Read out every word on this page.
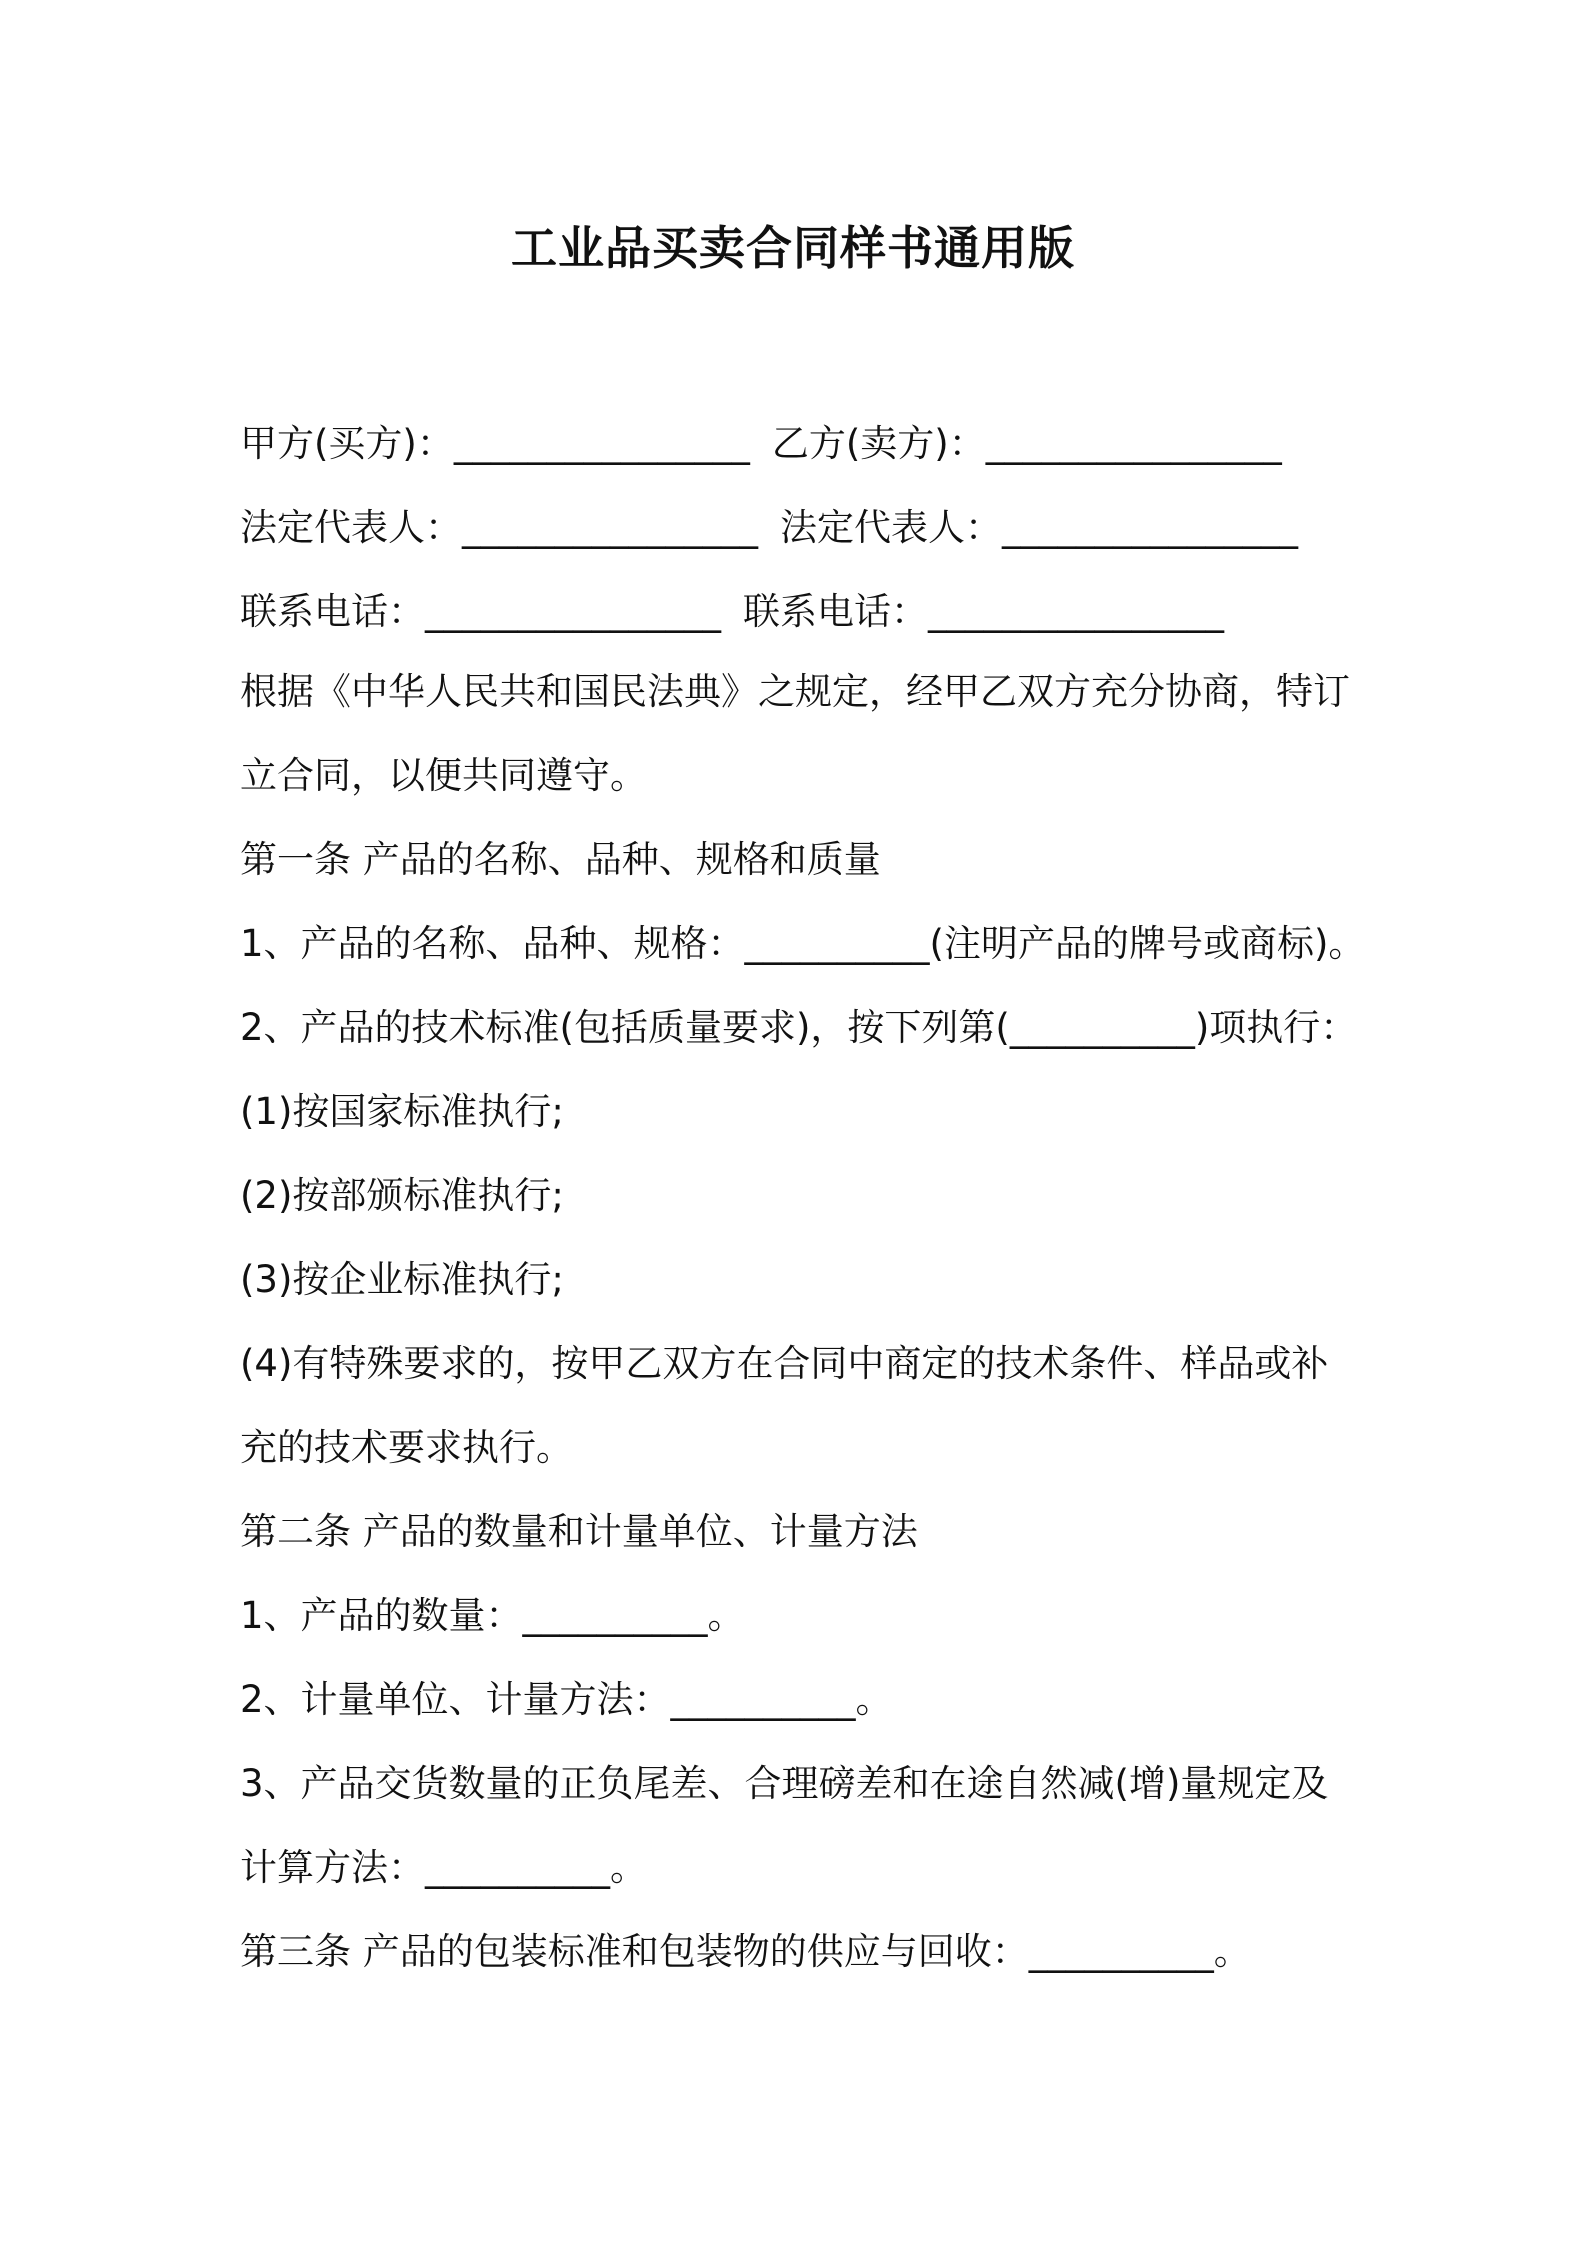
工业品买卖合同样书通用版
甲方(买方)：________________ 乙方(卖方)：________________
法定代表人：________________ 法定代表人：________________
联系电话：________________ 联系电话：________________
根据《中华人民共和国民法典》之规定，经甲乙双方充分协商，特订
立合同，以便共同遵守。
第一条 产品的名称、品种、规格和质量
1、产品的名称、品种、规格：__________(注明产品的牌号或商标)。
2、产品的技术标准(包括质量要求)，按下列第(__________)项执行：
(1)按国家标准执行;
(2)按部颁标准执行;
(3)按企业标准执行;
(4)有特殊要求的，按甲乙双方在合同中商定的技术条件、样品或补
充的技术要求执行。
第二条 产品的数量和计量单位、计量方法
1、产品的数量：__________。
2、计量单位、计量方法：__________。
3、产品交货数量的正负尾差、合理磅差和在途自然减(增)量规定及
计算方法：__________。
第三条 产品的包装标准和包装物的供应与回收：__________。
